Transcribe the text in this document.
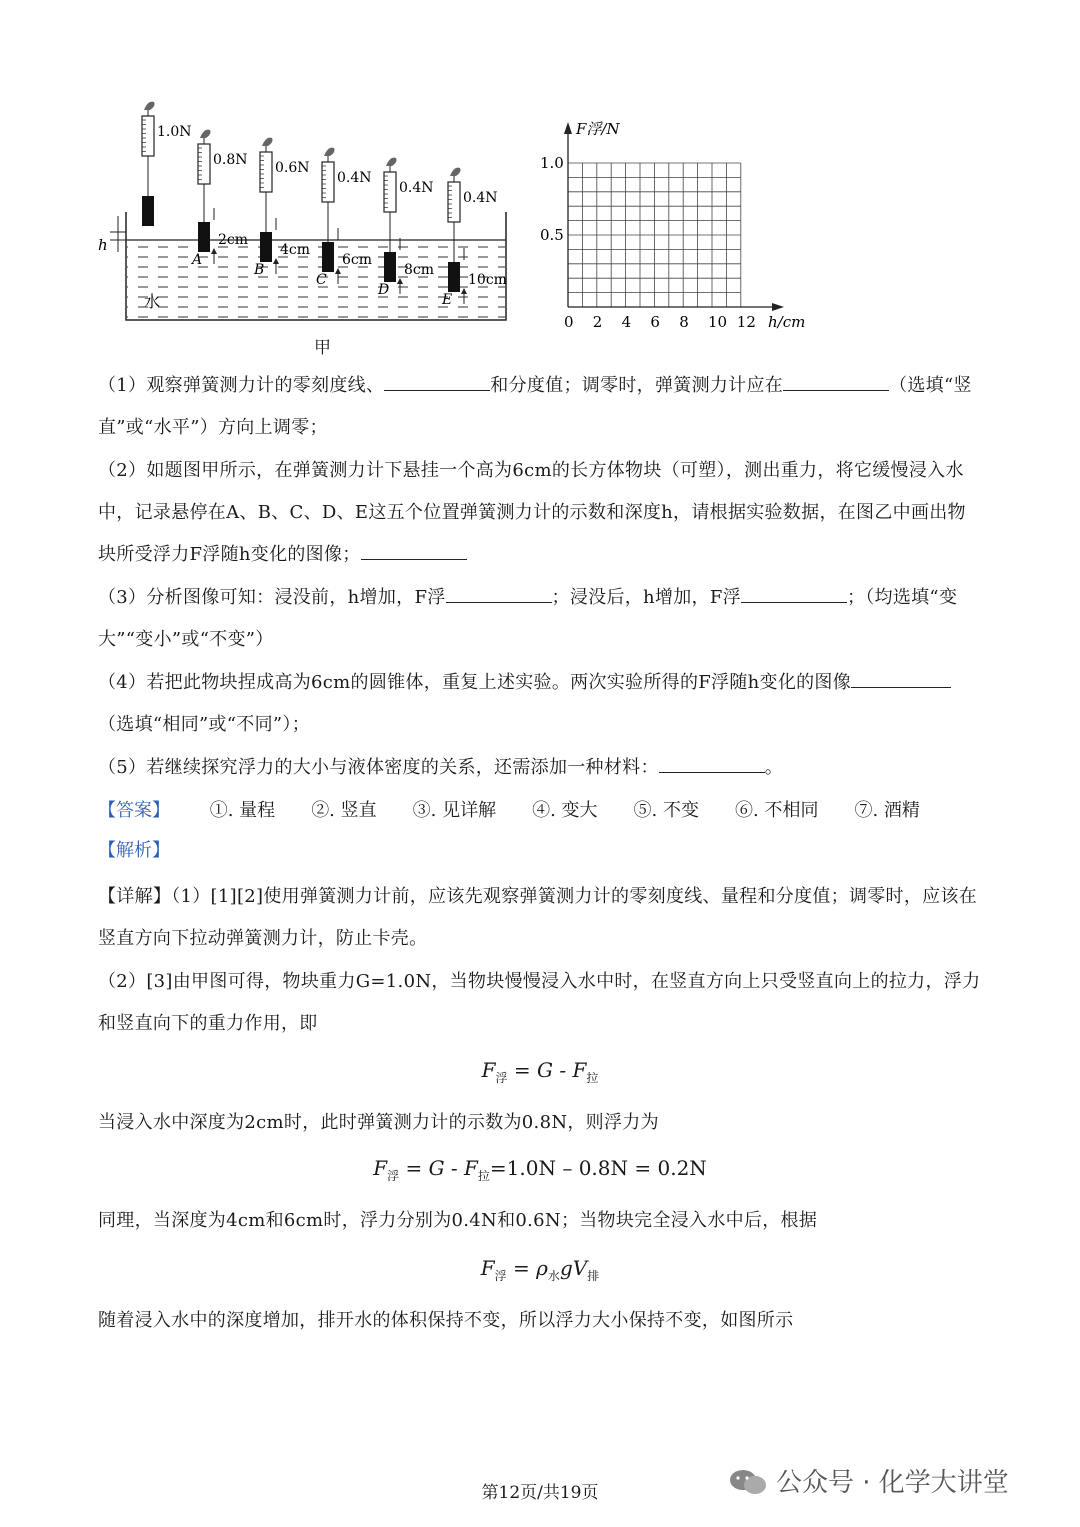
h
水
1.0N
0.8N
2cm
A
0.6N
4cm
B
0.4N
6cm
C
0.4N
8cm
D
0.4N
10cm
E
甲
F浮/N
1.0
0.5
0 2 4 6 8 10 12 h/cm
（1）观察弹簧测力计的零刻度线、	和分度值；调零时，弹簧测力计应在	（选填“竖直”或“水平”）方向上调零；
（2）如题图甲所示，在弹簧测力计下悬挂一个高为6cm的长方体物块（可塑），测出重力，将它缓慢浸入水中，记录悬停在A、B、C、D、E这五个位置弹簧测力计的示数和深度h，请根据实验数据，在图乙中画出物块所受浮力F浮随h变化的图像；
（3）分析图像可知：浸没前，h增加，F浮	；浸没后，h增加，F浮	；（均选填“变大”“变小”或“不变”）
（4）若把此物块捏成高为6cm的圆锥体，重复上述实验。两次实验所得的F浮随h变化的图像（选填“相同”或“不同”）；
（5）若继续探究浮力的大小与液体密度的关系，还需添加一种材料：	。
【答案】 ①. 量程 ②. 竖直 ③. 见详解 ④. 变大 ⑤. 不变 ⑥. 不相同 ⑦. 酒精
【解析】
【详解】（1）[1][2]使用弹簧测力计前，应该先观察弹簧测力计的零刻度线、量程和分度值；调零时，应该在竖直方向下拉动弹簧测力计，防止卡壳。
（2）[3]由甲图可得，物块重力G=1.0N，当物块慢慢浸入水中时，在竖直方向上只受竖直向上的拉力，浮力和竖直向下的重力作用，即
$F_浮 = G - F_拉$
当浸入水中深度为2cm时，此时弹簧测力计的示数为0.8N，则浮力为
$F_浮 = G - F_拉=1.0N - 0.8N = 0.2N$
同理，当深度为4cm和6cm时，浮力分别为0.4N和0.6N；当物块完全浸入水中后，根据
$F_浮 = \rho_水gV_排$
随着浸入水中的深度增加，排开水的体积保持不变，所以浮力大小保持不变，如图所示
第12页/共19页	公众号 · 化学大讲堂
